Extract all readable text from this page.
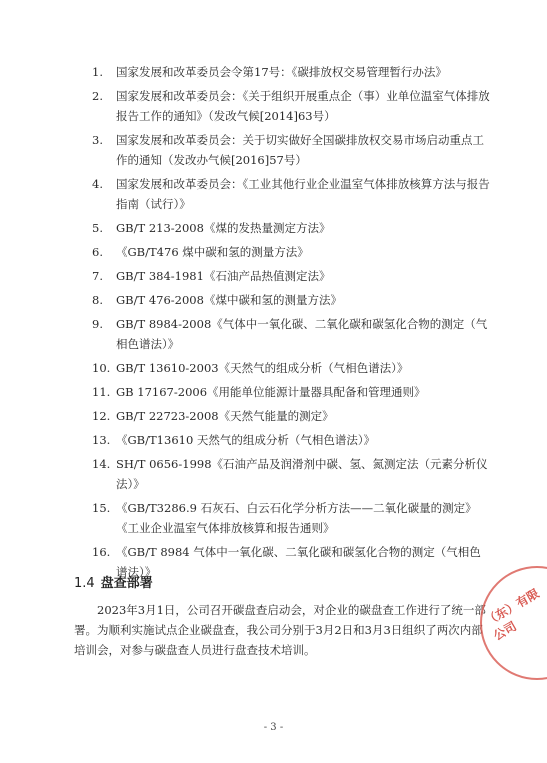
1.	国家发展和改革委员会令第17号：《碳排放权交易管理暂行办法》
2.	国家发展和改革委员会：《关于组织开展重点企（事）业单位温室气体排放报告工作的通知》（发改气候[2014]63号）
3.	国家发展和改革委员会：关于切实做好全国碳排放权交易市场启动重点工作的通知（发改办气候[2016]57号）
4.	国家发展和改革委员会：《工业其他行业企业温室气体排放核算方法与报告指南（试行）》
5.	GB/T 213-2008《煤的发热量测定方法》
6.	《GB/T476 煤中碳和氢的测量方法》
7.	GB/T 384-1981《石油产品热值测定法》
8.	GB/T 476-2008《煤中碳和氢的测量方法》
9.	GB/T 8984-2008《气体中一氧化碳、二氧化碳和碳氢化合物的测定（气相色谱法）》
10. GB/T 13610-2003《天然气的组成分析（气相色谱法）》
11. GB 17167-2006《用能单位能源计量器具配备和管理通则》
12. GB/T 22723-2008《天然气能量的测定》
13. 《GB/T13610 天然气的组成分析（气相色谱法）》
14. SH/T 0656-1998《石油产品及润滑剂中碳、氢、氮测定法（元素分析仪法）》
15. 《GB/T3286.9 石灰石、白云石化学分析方法——二氧化碳量的测定》《工业企业温室气体排放核算和报告通则》
16. 《GB/T 8984 气体中一氧化碳、二氧化碳和碳氢化合物的测定（气相色谱法）》
1.4 盘查部署
2023年3月1日，公司召开碳盘查启动会，对企业的碳盘查工作进行了统一部署。为顺利实施试点企业碳盘查，我公司分别于3月2日和3月3日组织了两次内部培训会，对参与碳盘查人员进行盘查技术培训。
（东）有限公司
- 3 -
